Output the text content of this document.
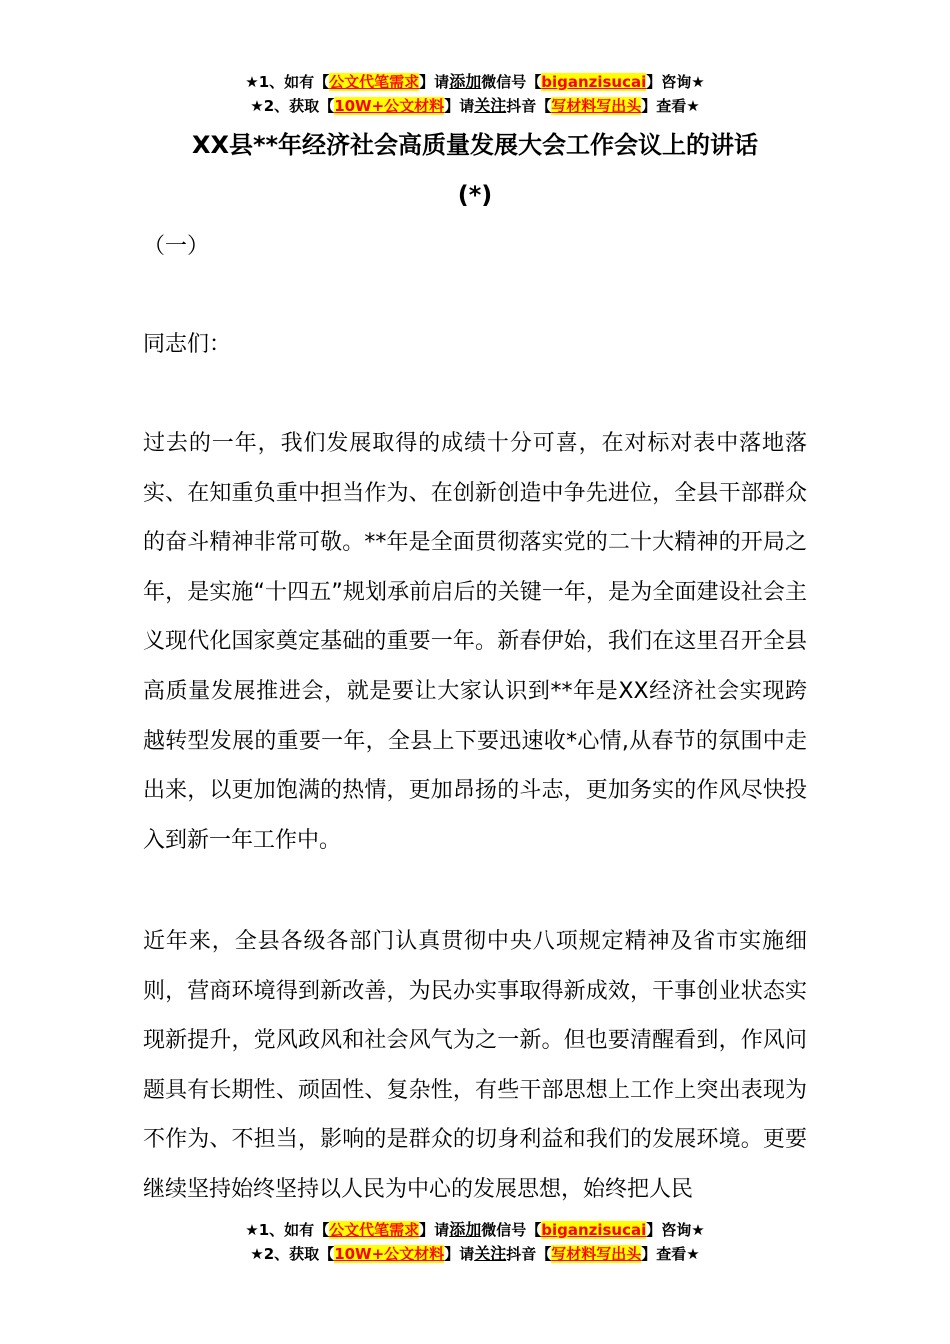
★1、如有【公文代笔需求】请添加微信号【biganzisucai】咨询★
★2、获取【10W+公文材料】请关注抖音【写材料写出头】查看★
XX县**年经济社会高质量发展大会工作会议上的讲话
(*)
（一）
同志们：

过去的一年，我们发展取得的成绩十分可喜，在对标对表中落地落实、在知重负重中担当作为、在创新创造中争先进位，全县干部群众的奋斗精神非常可敬。**年是全面贯彻落实党的二十大精神的开局之年，是实施“十四五”规划承前启后的关键一年，是为全面建设社会主义现代化国家奠定基础的重要一年。新春伊始，我们在这里召开全县高质量发展推进会，就是要让大家认识到**年是XX经济社会实现跨越转型发展的重要一年，全县上下要迅速收*心情,从春节的氛围中走出来，以更加饱满的热情，更加昂扬的斗志，更加务实的作风尽快投入到新一年工作中。

近年来，全县各级各部门认真贯彻中央八项规定精神及省市实施细则，营商环境得到新改善，为民办实事取得新成效，干事创业状态实现新提升，党风政风和社会风气为之一新。但也要清醒看到，作风问题具有长期性、顽固性、复杂性，有些干部思想上工作上突出表现为不作为、不担当，影响的是群众的切身利益和我们的发展环境。更要继续坚持始终坚持以人民为中心的发展思想，始终把人民

★1、如有【公文代笔需求】请添加微信号【biganzisucai】咨询★
★2、获取【10W+公文材料】请关注抖音【写材料写出头】查看★
